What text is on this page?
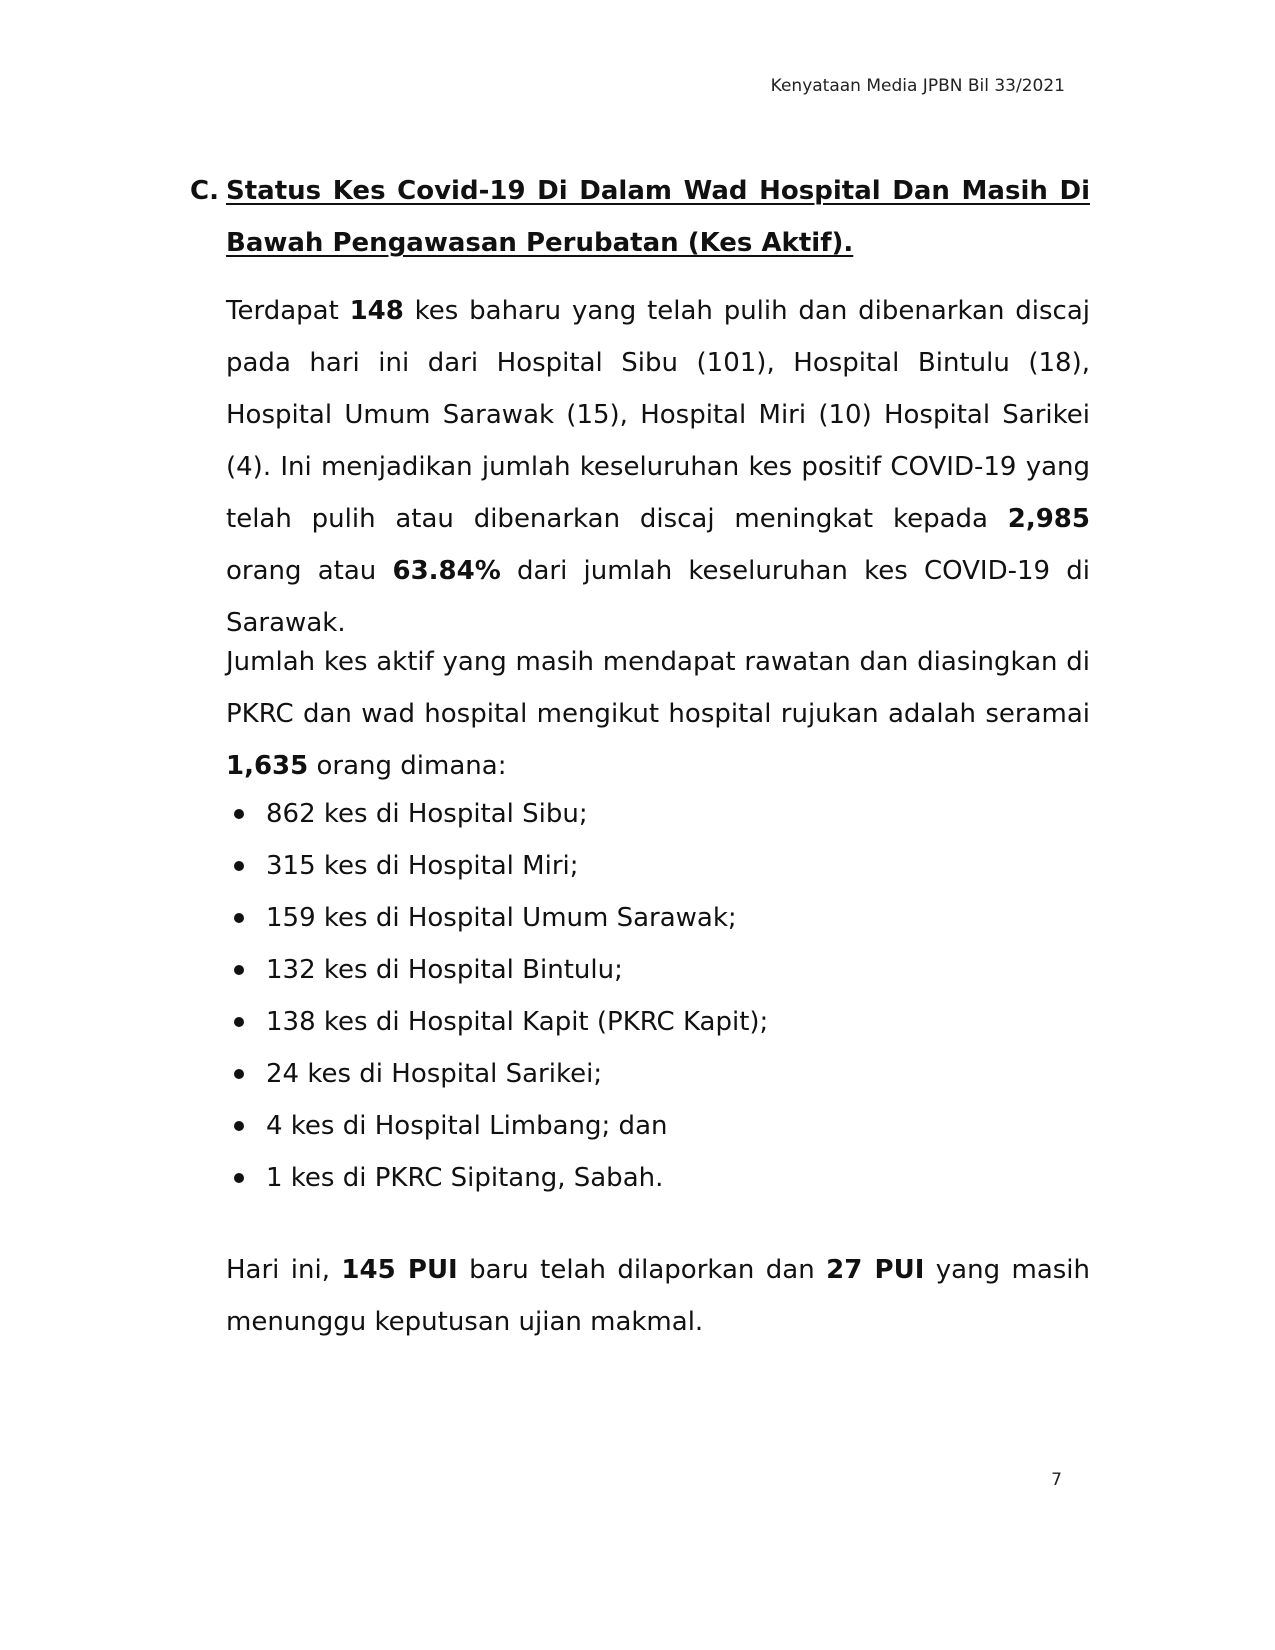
Kenyataan Media JPBN Bil 33/2021
C. Status Kes Covid-19 Di Dalam Wad Hospital Dan Masih Di Bawah Pengawasan Perubatan (Kes Aktif).

Terdapat 148 kes baharu yang telah pulih dan dibenarkan discaj pada hari ini dari Hospital Sibu (101), Hospital Bintulu (18), Hospital Umum Sarawak (15), Hospital Miri (10) Hospital Sarikei (4). Ini menjadikan jumlah keseluruhan kes positif COVID-19 yang telah pulih atau dibenarkan discaj meningkat kepada 2,985 orang atau 63.84% dari jumlah keseluruhan kes COVID-19 di Sarawak.

Jumlah kes aktif yang masih mendapat rawatan dan diasingkan di PKRC dan wad hospital mengikut hospital rujukan adalah seramai 1,635 orang dimana:

862 kes di Hospital Sibu;
315 kes di Hospital Miri;
159 kes di Hospital Umum Sarawak;
132 kes di Hospital Bintulu;
138 kes di Hospital Kapit (PKRC Kapit);
24 kes di Hospital Sarikei;
4 kes di Hospital Limbang; dan
1 kes di PKRC Sipitang, Sabah.

Hari ini, 145 PUI baru telah dilaporkan dan 27 PUI yang masih menunggu keputusan ujian makmal.

7
